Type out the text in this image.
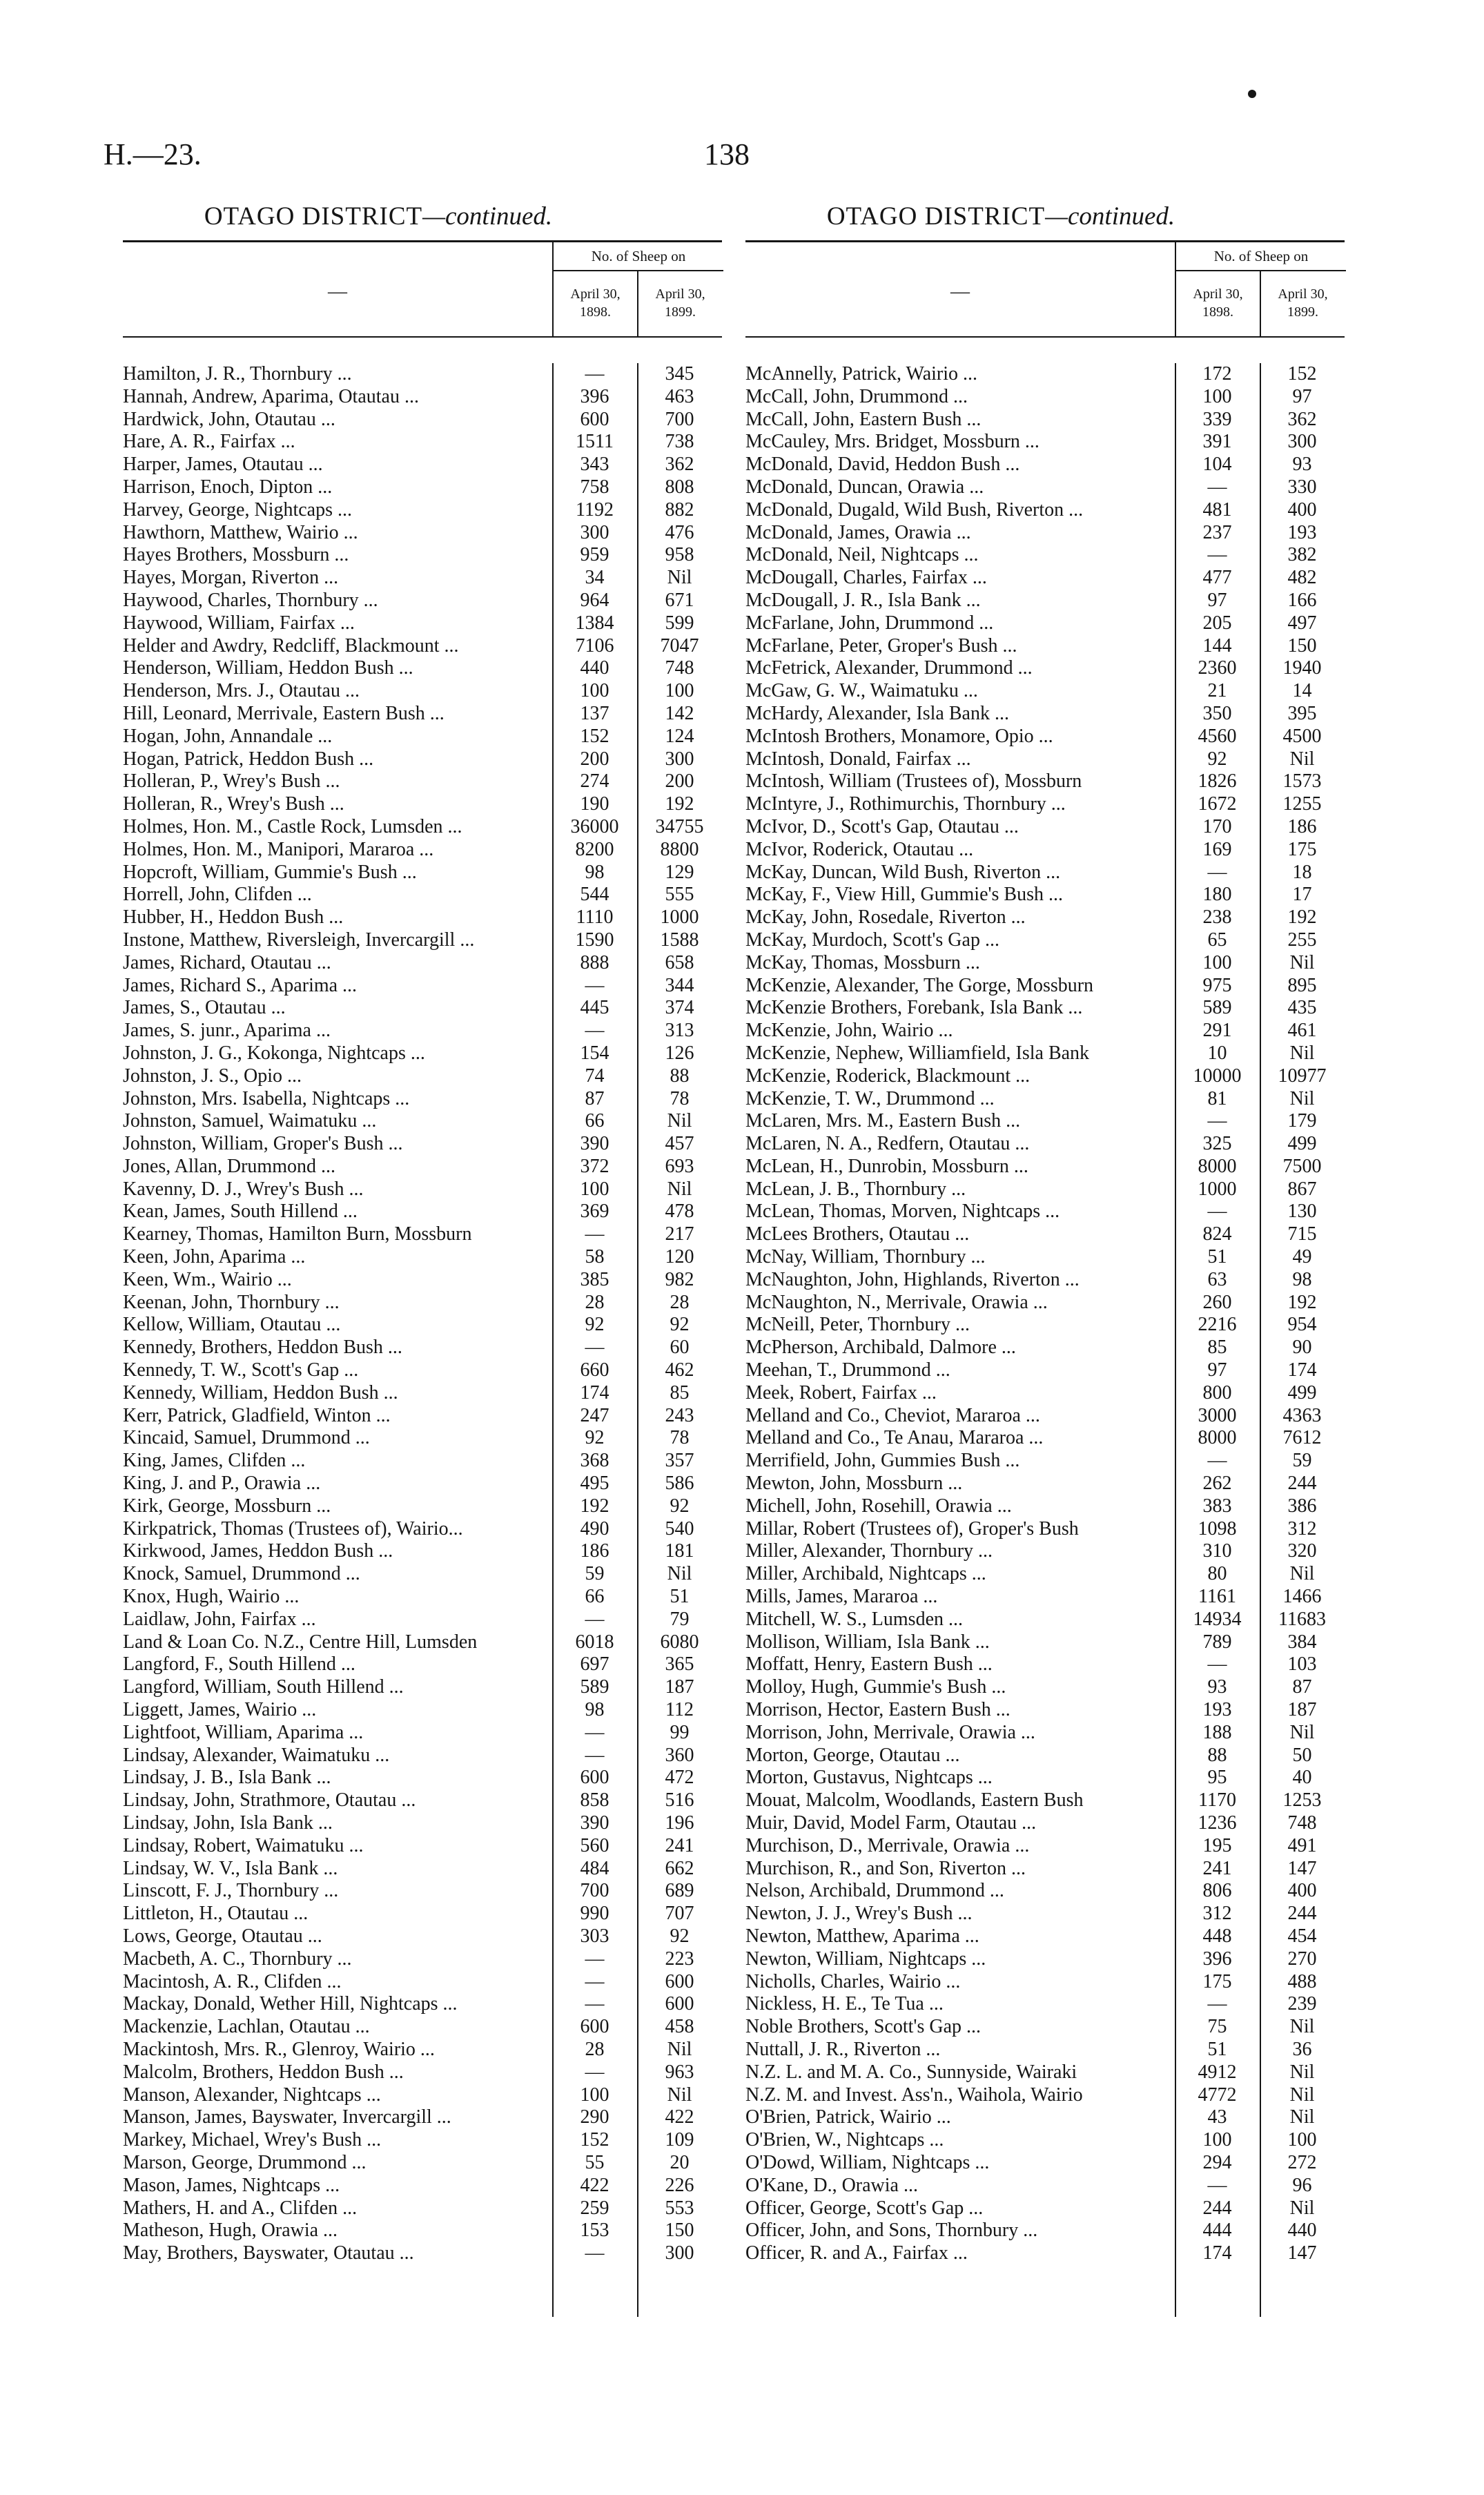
H.—23.	138
OTAGO DISTRICT—continued.
—
No. of Sheep on
April 30, 1898.
April 30, 1899.
Hamilton, J. R., Thornbury ...	—	345
Hannah, Andrew, Aparima, Otautau ...	396	463
Hardwick, John, Otautau ...	600	700
Hare, A. R., Fairfax ...	1511	738
Harper, James, Otautau ...	343	362
Harrison, Enoch, Dipton ...	758	808
Harvey, George, Nightcaps ...	1192	882
Hawthorn, Matthew, Wairio ...	300	476
Hayes Brothers, Mossburn ...	959	958
Hayes, Morgan, Riverton ...	34	Nil
Haywood, Charles, Thornbury ...	964	671
Haywood, William, Fairfax ...	1384	599
Helder and Awdry, Redcliff, Blackmount ...	7106	7047
Henderson, William, Heddon Bush ...	440	748
Henderson, Mrs. J., Otautau ...	100	100
Hill, Leonard, Merrivale, Eastern Bush ...	137	142
Hogan, John, Annandale ...	152	124
Hogan, Patrick, Heddon Bush ...	200	300
Holleran, P., Wrey's Bush ...	274	200
Holleran, R., Wrey's Bush ...	190	192
Holmes, Hon. M., Castle Rock, Lumsden ...	36000	34755
Holmes, Hon. M., Manipori, Mararoa ...	8200	8800
Hopcroft, William, Gummie's Bush ...	98	129
Horrell, John, Clifden ...	544	555
Hubber, H., Heddon Bush ...	1110	1000
Instone, Matthew, Riversleigh, Invercargill ...	1590	1588
James, Richard, Otautau ...	888	658
James, Richard S., Aparima ...	—	344
James, S., Otautau ...	445	374
James, S. junr., Aparima ...	—	313
Johnston, J. G., Kokonga, Nightcaps ...	154	126
Johnston, J. S., Opio ...	74	88
Johnston, Mrs. Isabella, Nightcaps ...	87	78
Johnston, Samuel, Waimatuku ...	66	Nil
Johnston, William, Groper's Bush ...	390	457
Jones, Allan, Drummond ...	372	693
Kavenny, D. J., Wrey's Bush ...	100	Nil
Kean, James, South Hillend ...	369	478
Kearney, Thomas, Hamilton Burn, Mossburn	—	217
Keen, John, Aparima ...	58	120
Keen, Wm., Wairio ...	385	982
Keenan, John, Thornbury ...	28	28
Kellow, William, Otautau ...	92	92
Kennedy, Brothers, Heddon Bush ...	—	60
Kennedy, T. W., Scott's Gap ...	660	462
Kennedy, William, Heddon Bush ...	174	85
Kerr, Patrick, Gladfield, Winton ...	247	243
Kincaid, Samuel, Drummond ...	92	78
King, James, Clifden ...	368	357
King, J. and P., Orawia ...	495	586
Kirk, George, Mossburn ...	192	92
Kirkpatrick, Thomas (Trustees of), Wairio...	490	540
Kirkwood, James, Heddon Bush ...	186	181
Knock, Samuel, Drummond ...	59	Nil
Knox, Hugh, Wairio ...	66	51
Laidlaw, John, Fairfax ...	—	79
Land & Loan Co. N.Z., Centre Hill, Lumsden	6018	6080
Langford, F., South Hillend ...	697	365
Langford, William, South Hillend ...	589	187
Liggett, James, Wairio ...	98	112
Lightfoot, William, Aparima ...	—	99
Lindsay, Alexander, Waimatuku ...	—	360
Lindsay, J. B., Isla Bank ...	600	472
Lindsay, John, Strathmore, Otautau ...	858	516
Lindsay, John, Isla Bank ...	390	196
Lindsay, Robert, Waimatuku ...	560	241
Lindsay, W. V., Isla Bank ...	484	662
Linscott, F. J., Thornbury ...	700	689
Littleton, H., Otautau ...	990	707
Lows, George, Otautau ...	303	92
Macbeth, A. C., Thornbury ...	—	223
Macintosh, A. R., Clifden ...	—	600
Mackay, Donald, Wether Hill, Nightcaps ...	—	600
Mackenzie, Lachlan, Otautau ...	600	458
Mackintosh, Mrs. R., Glenroy, Wairio ...	28	Nil
Malcolm, Brothers, Heddon Bush ...	—	963
Manson, Alexander, Nightcaps ...	100	Nil
Manson, James, Bayswater, Invercargill ...	290	422
Markey, Michael, Wrey's Bush ...	152	109
Marson, George, Drummond ...	55	20
Mason, James, Nightcaps ...	422	226
Mathers, H. and A., Clifden ...	259	553
Matheson, Hugh, Orawia ...	153	150
May, Brothers, Bayswater, Otautau ...	—	300
OTAGO DISTRICT—continued.
—
No. of Sheep on
April 30, 1898.
April 30, 1899.
McAnnelly, Patrick, Wairio ...	172	152
McCall, John, Drummond ...	100	97
McCall, John, Eastern Bush ...	339	362
McCauley, Mrs. Bridget, Mossburn ...	391	300
McDonald, David, Heddon Bush ...	104	93
McDonald, Duncan, Orawia ...	—	330
McDonald, Dugald, Wild Bush, Riverton ...	481	400
McDonald, James, Orawia ...	237	193
McDonald, Neil, Nightcaps ...	—	382
McDougall, Charles, Fairfax ...	477	482
McDougall, J. R., Isla Bank ...	97	166
McFarlane, John, Drummond ...	205	497
McFarlane, Peter, Groper's Bush ...	144	150
McFetrick, Alexander, Drummond ...	2360	1940
McGaw, G. W., Waimatuku ...	21	14
McHardy, Alexander, Isla Bank ...	350	395
McIntosh Brothers, Monamore, Opio ...	4560	4500
McIntosh, Donald, Fairfax ...	92	Nil
McIntosh, William (Trustees of), Mossburn	1826	1573
McIntyre, J., Rothimurchis, Thornbury ...	1672	1255
McIvor, D., Scott's Gap, Otautau ...	170	186
McIvor, Roderick, Otautau ...	169	175
McKay, Duncan, Wild Bush, Riverton ...	—	18
McKay, F., View Hill, Gummie's Bush ...	180	17
McKay, John, Rosedale, Riverton ...	238	192
McKay, Murdoch, Scott's Gap ...	65	255
McKay, Thomas, Mossburn ...	100	Nil
McKenzie, Alexander, The Gorge, Mossburn	975	895
McKenzie Brothers, Forebank, Isla Bank ...	589	435
McKenzie, John, Wairio ...	291	461
McKenzie, Nephew, Williamfield, Isla Bank	10	Nil
McKenzie, Roderick, Blackmount ...	10000	10977
McKenzie, T. W., Drummond ...	81	Nil
McLaren, Mrs. M., Eastern Bush ...	—	179
McLaren, N. A., Redfern, Otautau ...	325	499
McLean, H., Dunrobin, Mossburn ...	8000	7500
McLean, J. B., Thornbury ...	1000	867
McLean, Thomas, Morven, Nightcaps ...	—	130
McLees Brothers, Otautau ...	824	715
McNay, William, Thornbury ...	51	49
McNaughton, John, Highlands, Riverton ...	63	98
McNaughton, N., Merrivale, Orawia ...	260	192
McNeill, Peter, Thornbury ...	2216	954
McPherson, Archibald, Dalmore ...	85	90
Meehan, T., Drummond ...	97	174
Meek, Robert, Fairfax ...	800	499
Melland and Co., Cheviot, Mararoa ...	3000	4363
Melland and Co., Te Anau, Mararoa ...	8000	7612
Merrifield, John, Gummies Bush ...	—	59
Mewton, John, Mossburn ...	262	244
Michell, John, Rosehill, Orawia ...	383	386
Millar, Robert (Trustees of), Groper's Bush	1098	312
Miller, Alexander, Thornbury ...	310	320
Miller, Archibald, Nightcaps ...	80	Nil
Mills, James, Mararoa ...	1161	1466
Mitchell, W. S., Lumsden ...	14934	11683
Mollison, William, Isla Bank ...	789	384
Moffatt, Henry, Eastern Bush ...	—	103
Molloy, Hugh, Gummie's Bush ...	93	87
Morrison, Hector, Eastern Bush ...	193	187
Morrison, John, Merrivale, Orawia ...	188	Nil
Morton, George, Otautau ...	88	50
Morton, Gustavus, Nightcaps ...	95	40
Mouat, Malcolm, Woodlands, Eastern Bush	1170	1253
Muir, David, Model Farm, Otautau ...	1236	748
Murchison, D., Merrivale, Orawia ...	195	491
Murchison, R., and Son, Riverton ...	241	147
Nelson, Archibald, Drummond ...	806	400
Newton, J. J., Wrey's Bush ...	312	244
Newton, Matthew, Aparima ...	448	454
Newton, William, Nightcaps ...	396	270
Nicholls, Charles, Wairio ...	175	488
Nickless, H. E., Te Tua ...	—	239
Noble Brothers, Scott's Gap ...	75	Nil
Nuttall, J. R., Riverton ...	51	36
N.Z. L. and M. A. Co., Sunnyside, Wairaki	4912	Nil
N.Z. M. and Invest. Ass'n., Waihola, Wairio	4772	Nil
O'Brien, Patrick, Wairio ...	43	Nil
O'Brien, W., Nightcaps ...	100	100
O'Dowd, William, Nightcaps ...	294	272
O'Kane, D., Orawia ...	—	96
Officer, George, Scott's Gap ...	244	Nil
Officer, John, and Sons, Thornbury ...	444	440
Officer, R. and A., Fairfax ...	174	147
